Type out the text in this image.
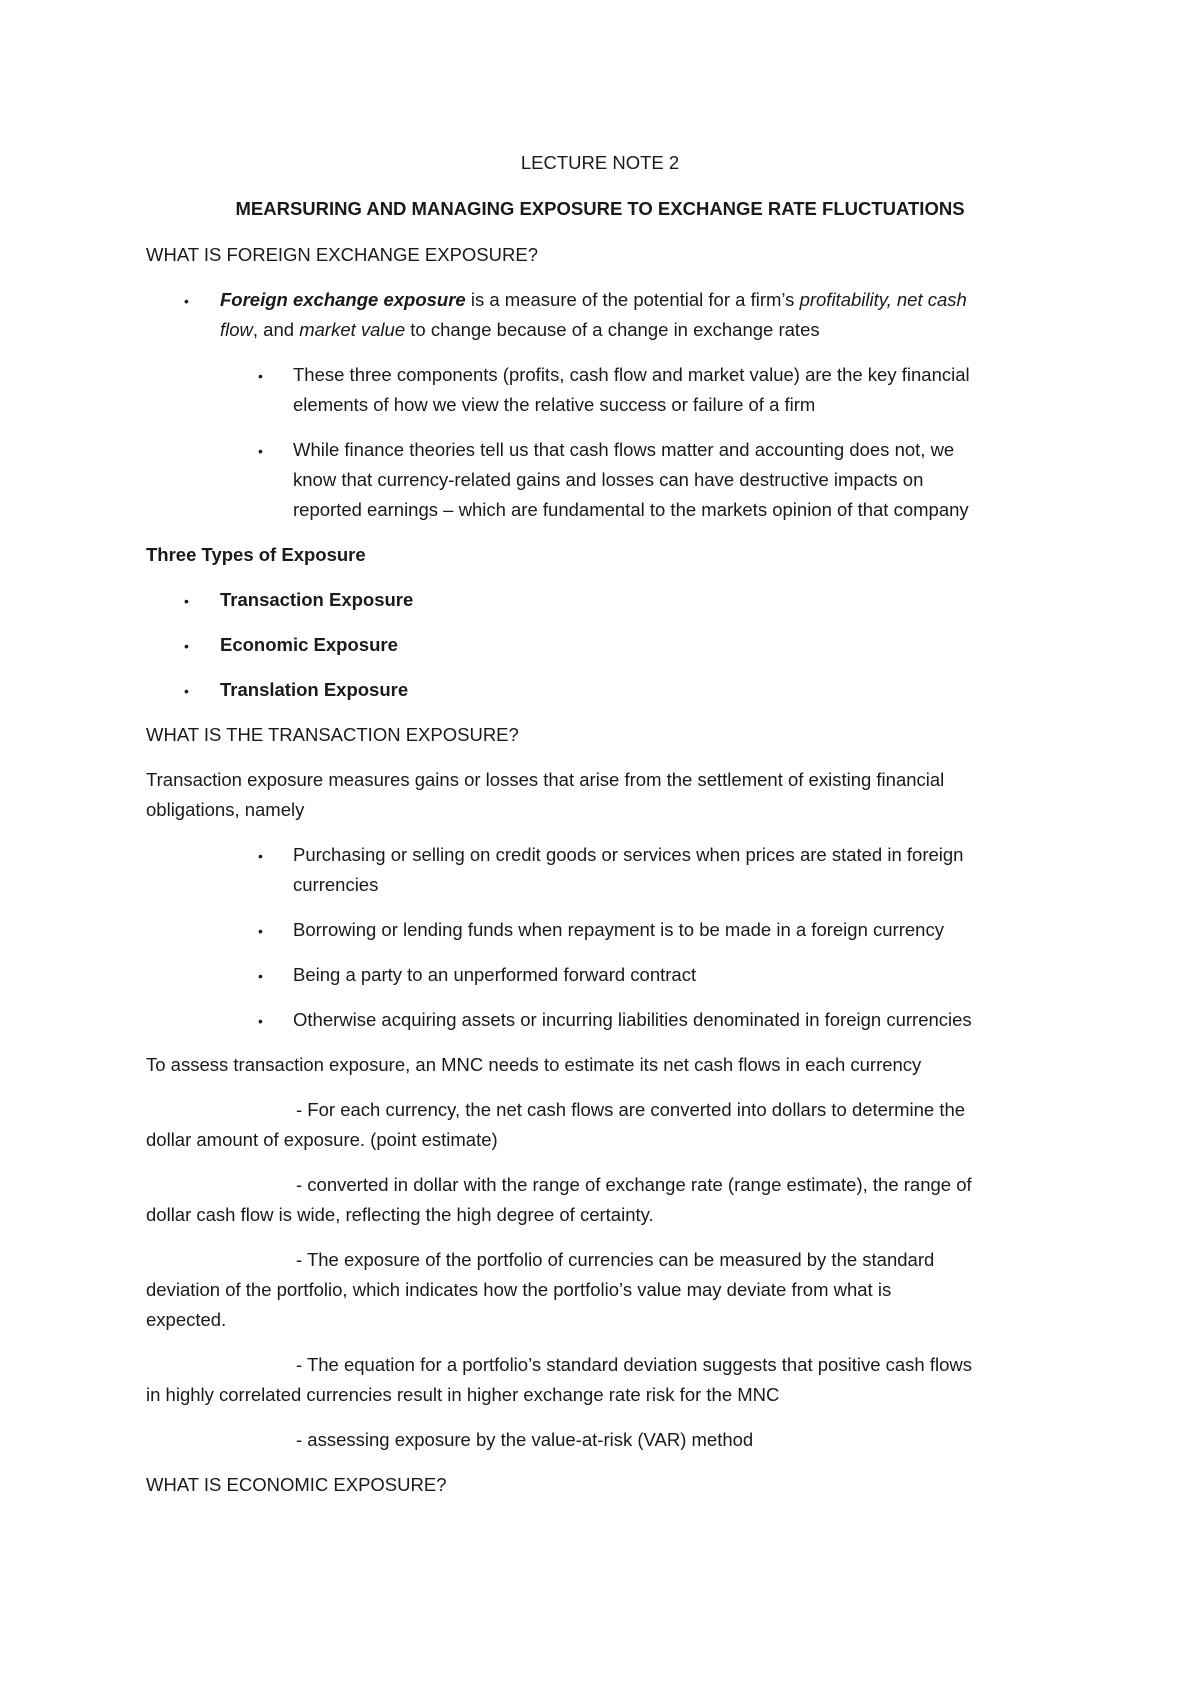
LECTURE NOTE 2
MEARSURING AND MANAGING EXPOSURE TO EXCHANGE RATE FLUCTUATIONS
WHAT IS FOREIGN EXCHANGE EXPOSURE?
• Foreign exchange exposure is a measure of the potential for a firm’s profitability, net cash
flow, and market value to change because of a change in exchange rates
• These three components (profits, cash flow and market value) are the key financial
elements of how we view the relative success or failure of a firm
• While finance theories tell us that cash flows matter and accounting does not, we
know that currency-related gains and losses can have destructive impacts on
reported earnings – which are fundamental to the markets opinion of that company
Three Types of Exposure
• Transaction Exposure
• Economic Exposure
• Translation Exposure
WHAT IS THE TRANSACTION EXPOSURE?
Transaction exposure measures gains or losses that arise from the settlement of existing financial
obligations, namely
• Purchasing or selling on credit goods or services when prices are stated in foreign
currencies
• Borrowing or lending funds when repayment is to be made in a foreign currency
• Being a party to an unperformed forward contract
• Otherwise acquiring assets or incurring liabilities denominated in foreign currencies
To assess transaction exposure, an MNC needs to estimate its net cash flows in each currency
- For each currency, the net cash flows are converted into dollars to determine the
dollar amount of exposure. (point estimate)
- converted in dollar with the range of exchange rate (range estimate), the range of
dollar cash flow is wide, reflecting the high degree of certainty.
- The exposure of the portfolio of currencies can be measured by the standard
deviation of the portfolio, which indicates how the portfolio’s value may deviate from what is
expected.
- The equation for a portfolio’s standard deviation suggests that positive cash flows
in highly correlated currencies result in higher exchange rate risk for the MNC
- assessing exposure by the value-at-risk (VAR) method
WHAT IS ECONOMIC EXPOSURE?
